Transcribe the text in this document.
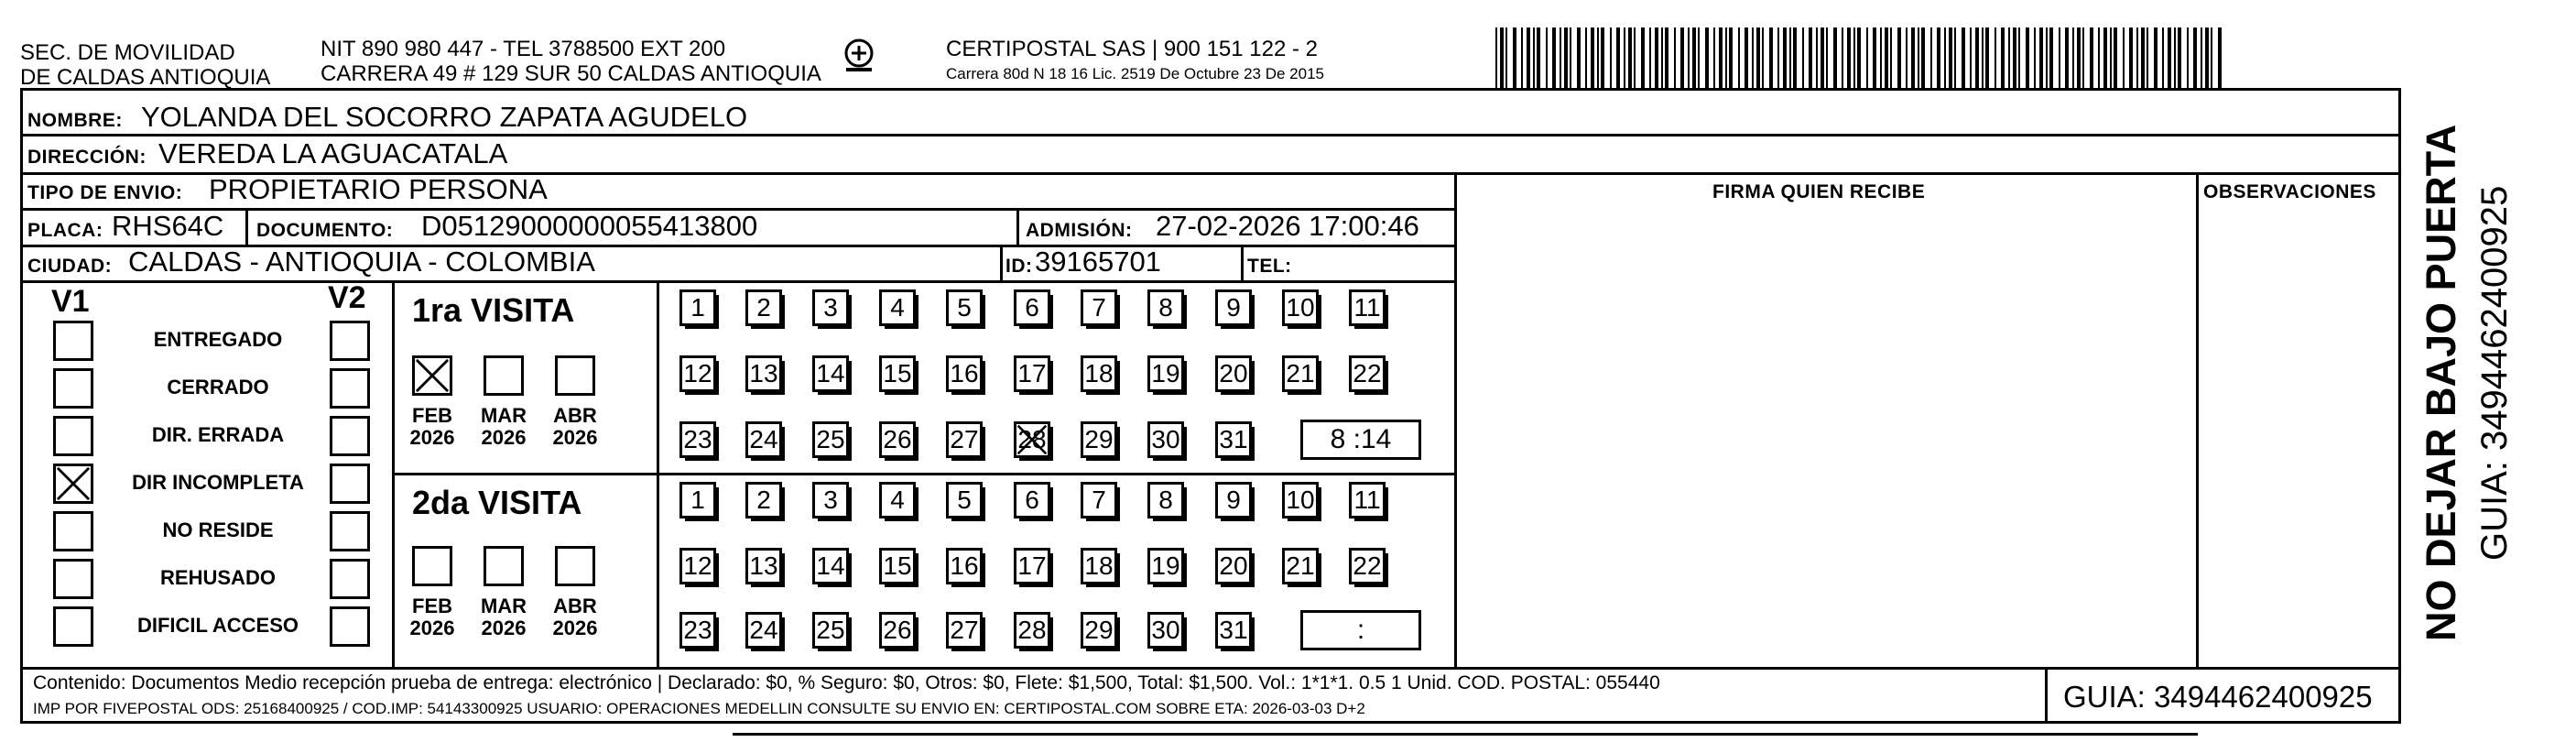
SEC. DE MOVILIDAD
DE CALDAS ANTIOQUIA
NIT 890 980 447 - TEL 3788500 EXT 200
CARRERA 49 # 129 SUR 50 CALDAS ANTIOQUIA
CERTIPOSTAL SAS | 900 151 122 - 2
Carrera 80d N 18 16 Lic. 2519 De Octubre 23 De 2015
NOMBRE: YOLANDA DEL SOCORRO ZAPATA AGUDELO
DIRECCIÓN: VEREDA LA AGUACATALA
TIPO DE ENVIO: PROPIETARIO PERSONA	FIRMA QUIEN RECIBE	OBSERVACIONES
PLACA: RHS64C DOCUMENTO: D05129000000055413800	ADMISIÓN: 27-02-2026 17:00:46
CIUDAD: CALDAS - ANTIOQUIA - COLOMBIA	ID: 39165701	TEL:
V1	V2
ENTREGADO
CERRADO
DIR. ERRADA
DIR INCOMPLETA
NO RESIDE
REHUSADO
DIFICIL ACCESO
1ra VISITA
2da VISITA
FEB
2026
MAR
2026
ABR
2026
FEB
2026
MAR
2026
ABR
2026
1	2	3	4	5	6	7	8	9	10 11
12 13 14 15 16 17 18 19 20 21 22
23 24 25 26 27 28 29 30 31	8 :14
1	2	3	4	5	6	7	8	9	10 11
12 13 14 15 16 17 18 19 20 21 22
23 24 25 26 27 28 29 30 31	:
Contenido: Documentos Medio recepción prueba de entrega: electrónico | Declarado: $0, % Seguro: $0, Otros: $0, Flete: $1,500, Total: $1,500. Vol.: 1*1*1. 0.5 1 Unid. COD. POSTAL: 055440
IMP POR FIVEPOSTAL ODS: 25168400925 / COD.IMP: 54143300925 USUARIO: OPERACIONES MEDELLIN CONSULTE SU ENVIO EN: CERTIPOSTAL.COM SOBRE ETA: 2026-03-03 D+2	GUIA: 3494462400925
NO DEJAR BAJO PUERTA GUIA: 3494462400925
